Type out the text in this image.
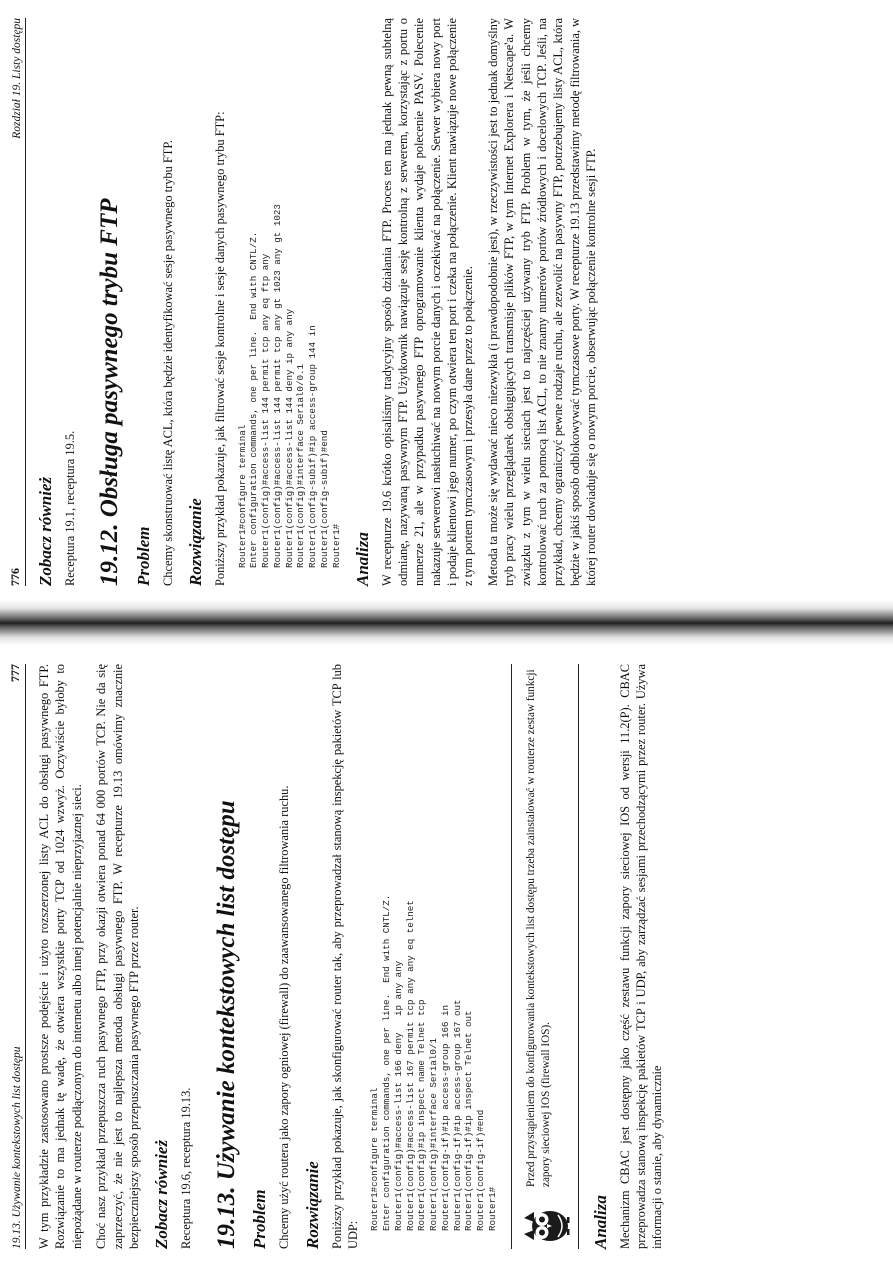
776
Rozdział 19. Listy dostępu
Zobacz również Receptura 19.1, receptura 19.5. 19.12. Obsługa pasywnego trybu FTP Problem Chcemy skonstruować listę ACL, która będzie identyfikować sesje pasywnego trybu FTP. Rozwiązanie Poniższy przykład pokazuje, jak filtrować sesje kontrolne i sesje danych pasywnego trybu FTP: Router1#configure terminal
Enter configuration commands, one per line.  End with CNTL/Z.
Router1(config)#access-list 144 permit tcp any eq ftp any
Router1(config)#access-list 144 permit tcp any gt 1023 any gt 1023
Router1(config)#access-list 144 deny ip any any
Router1(config)#interface Serial0/0.1
Router1(config-subif)#ip access-group 144 in
Router1(config-subif)#end
Router1# Analiza W recepturze 19.6 krótko opisaliśmy tradycyjny sposób działania FTP. Proces ten ma jednak pewną subtelną odmianę, nazywaną pasywnym FTP. Użytkownik nawiązuje sesję kontrolną z serwerem, korzystając z portu o numerze 21, ale w przypadku pasywnego FTP oprogramowanie klienta wydaje polecenie PASV. Polecenie nakazuje serwerowi nasłuchiwać na nowym porcie danych i oczekiwać na połączenie. Serwer wybiera nowy port i podaje klientowi jego numer, po czym otwiera ten port i czeka na połączenie. Klient nawiązuje nowe połączenie z tym portem tymczasowym i przesyła dane przez to połączenie. Metoda ta może się wydawać nieco niezwykła (i prawdopodobnie jest), w rzeczywistości jest to jednak domyślny tryb pracy wielu przeglądarek obsługujących transmisje plików FTP, w tym Internet Explorera i Netscape'a. W związku z tym w wielu sieciach jest to najczęściej używany tryb FTP. Problem w tym, że jeśli chcemy kontrolować ruch za pomocą list ACL, to nie znamy numerów portów źródłowych i docelowych TCP. Jeśli, na przykład, chcemy ograniczyć pewne rodzaje ruchu, ale zezwolić na pasywny FTP, potrzebujemy listy ACL, która będzie w jakiś sposób odblokowywać tymczasowe porty. W recepturze 19.13 przedstawimy metodę filtrowania, w której router dowiaduje się o nowym porcie, obserwując połączenie kontrolne sesji FTP.

19.13. Używanie kontekstowych list dostępu
777 W tym przykładzie zastosowano prostsze podejście i użyto rozszerzonej listy ACL do obsługi pasywnego FTP. Rozwiązanie to ma jednak tę wadę, że otwiera wszystkie porty TCP od 1024 wzwyż. Oczywiście byłoby to niepożądane w routerze podłączonym do internetu albo innej potencjalnie nieprzyjaznej sieci. Choć nasz przykład przepuszcza ruch pasywnego FTP, przy okazji otwiera ponad 64 000 portów TCP. Nie da się zaprzeczyć, że nie jest to najlepsza metoda obsługi pasywnego FTP. W recepturze 19.13 omówimy znacznie bezpieczniejszy sposób przepuszczania pasywnego FTP przez router. Zobacz również Receptura 19.6, receptura 19.13. 19.13. Używanie kontekstowych list dostępu Problem Chcemy użyć routera jako zapory ogniowej (firewall) do zaawansowanego filtrowania ruchu. Rozwiązanie Poniższy przykład pokazuje, jak skonfigurować router tak, aby przeprowadzał stanową inspekcję pakietów TCP lub UDP:

Router1#configure terminal
Enter configuration commands, one per line.  End with CNTL/Z.
Router1(config)#access-list 166 deny   ip any any
Router1(config)#access-list 167 permit tcp any any eq telnet
Router1(config)#ip inspect name Telnet tcp
Router1(config)#interface Serial0/1
Router1(config-if)#ip access-group 166 in
Router1(config-if)#ip access-group 167 out
Router1(config-if)#ip inspect Telnet out
Router1(config-if)#end
Router1#
Przed przystąpieniem do konfigurowania kontekstowych list dostępu trzeba zainstalować w routerze zestaw funkcji zapory sieciowej IOS (firewall IOS).
Analiza Mechanizm CBAC jest dostępny jako część zestawu funkcji zapory sieciowej IOS od wersji 11.2(P). CBAC przeprowadza stanową inspekcję pakietów TCP i UDP, aby zarządzać sesjami przechodzącymi przez router. Używa informacji o stanie, aby dynamicznie
